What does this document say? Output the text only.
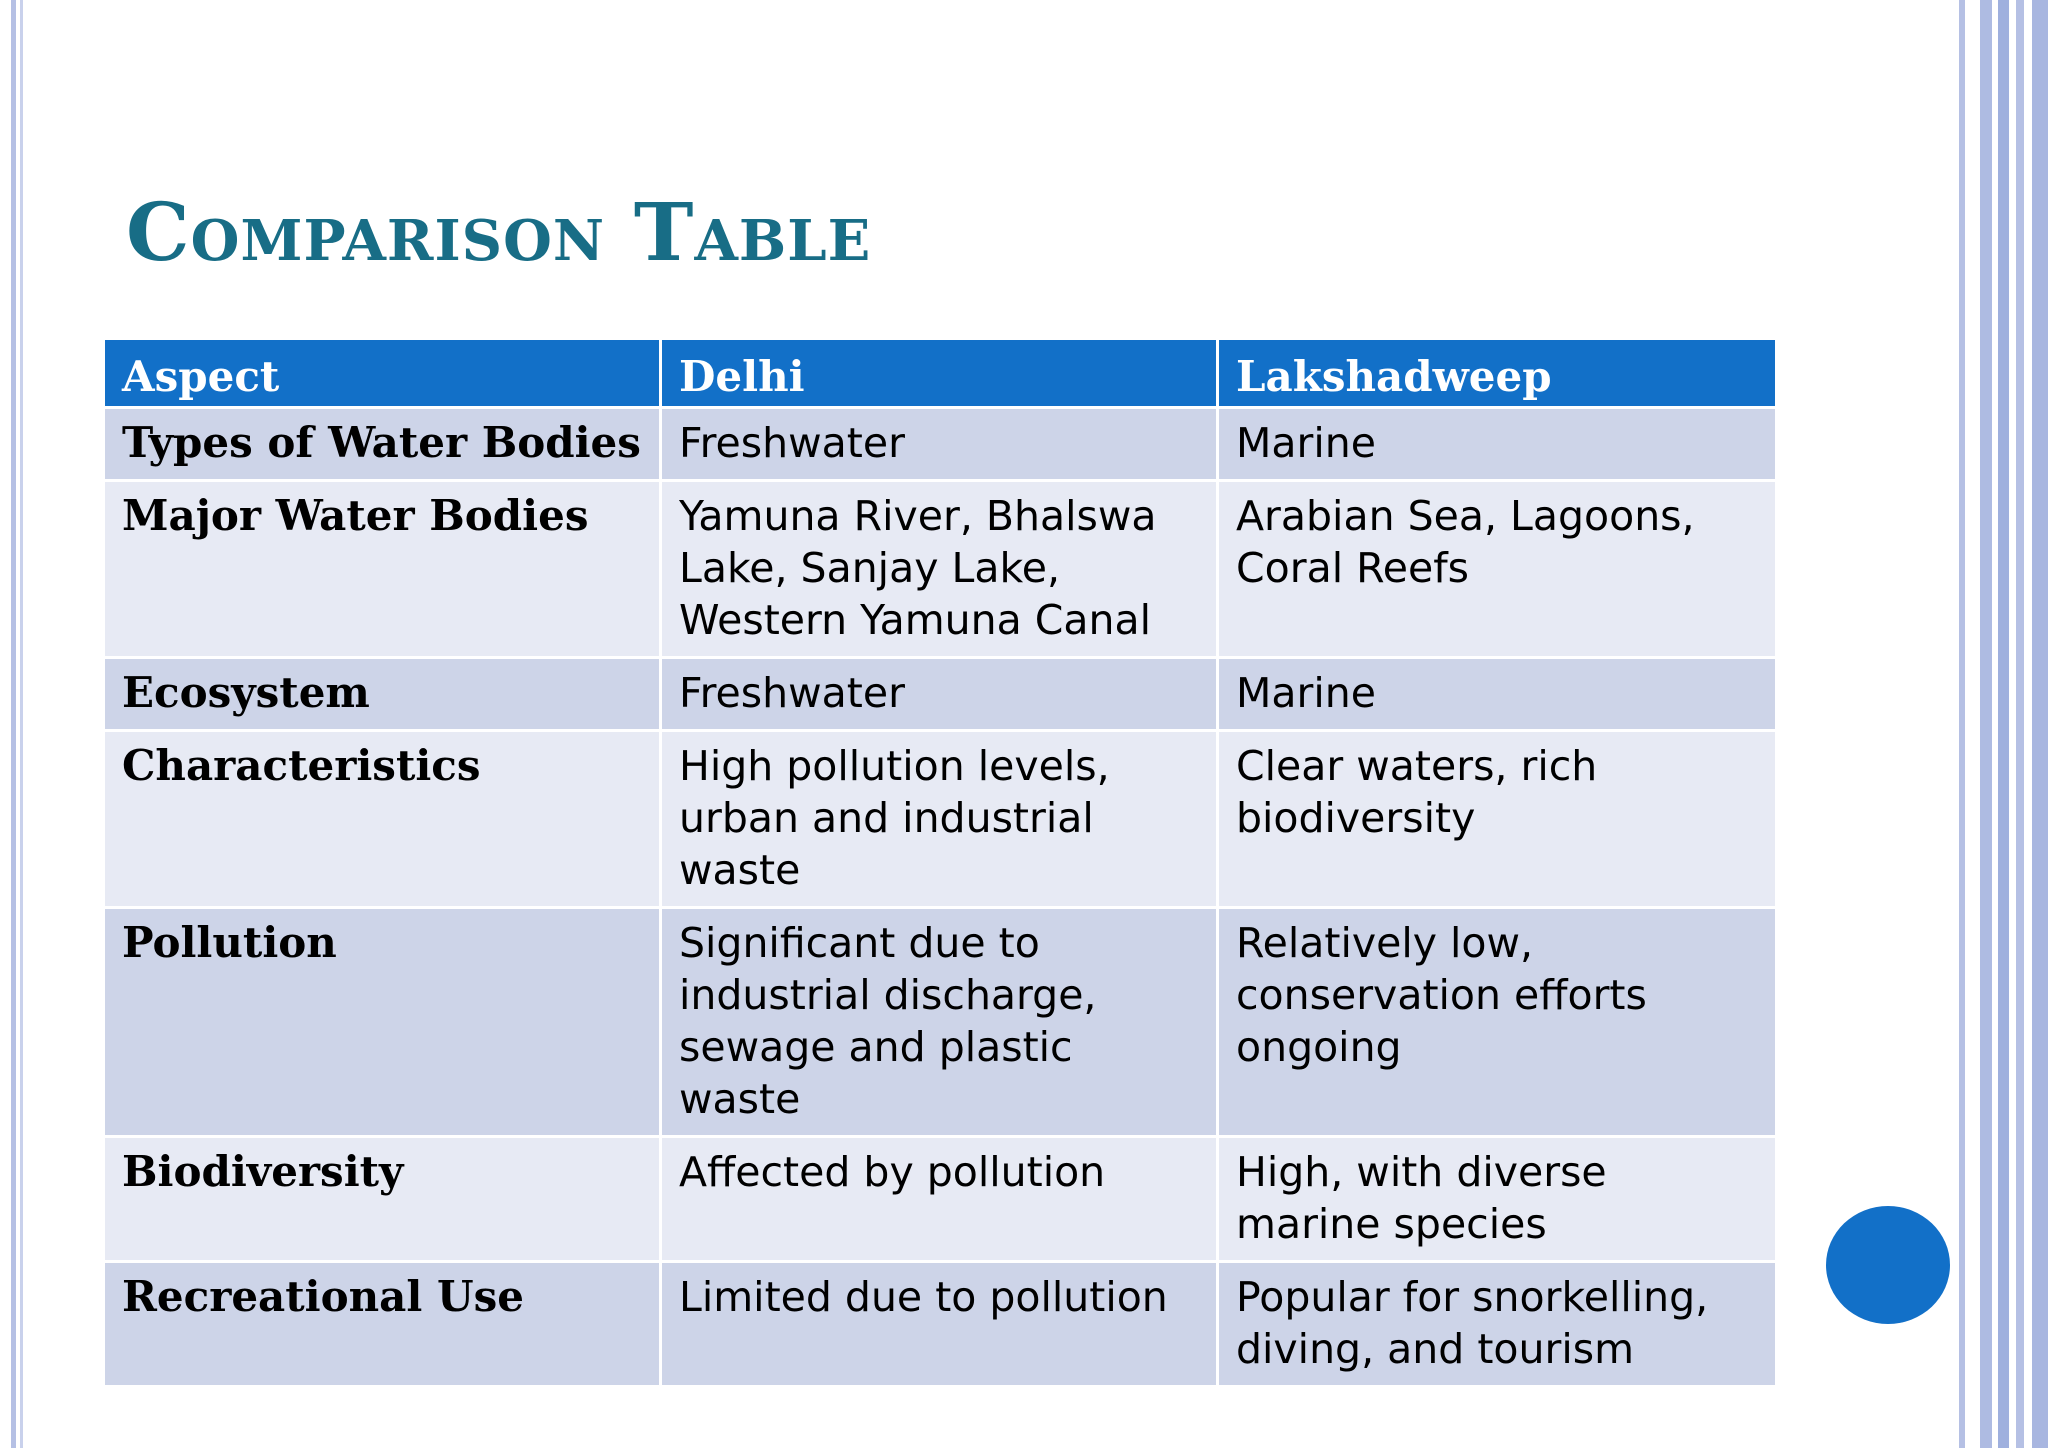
Comparison Table
Aspect	Delhi	Lakshadweep
Types of Water Bodies	Freshwater	Marine
Major Water Bodies	Yamuna River, Bhalswa Lake, Sanjay Lake, Western Yamuna Canal	Arabian Sea, Lagoons, Coral Reefs
Ecosystem	Freshwater	Marine
Characteristics	High pollution levels, urban and industrial waste	Clear waters, rich biodiversity
Pollution	Significant due to industrial discharge, sewage and plastic waste	Relatively low, conservation efforts ongoing
Biodiversity	Affected by pollution	High, with diverse marine species
Recreational Use	Limited due to pollution	Popular for snorkelling, diving, and tourism
